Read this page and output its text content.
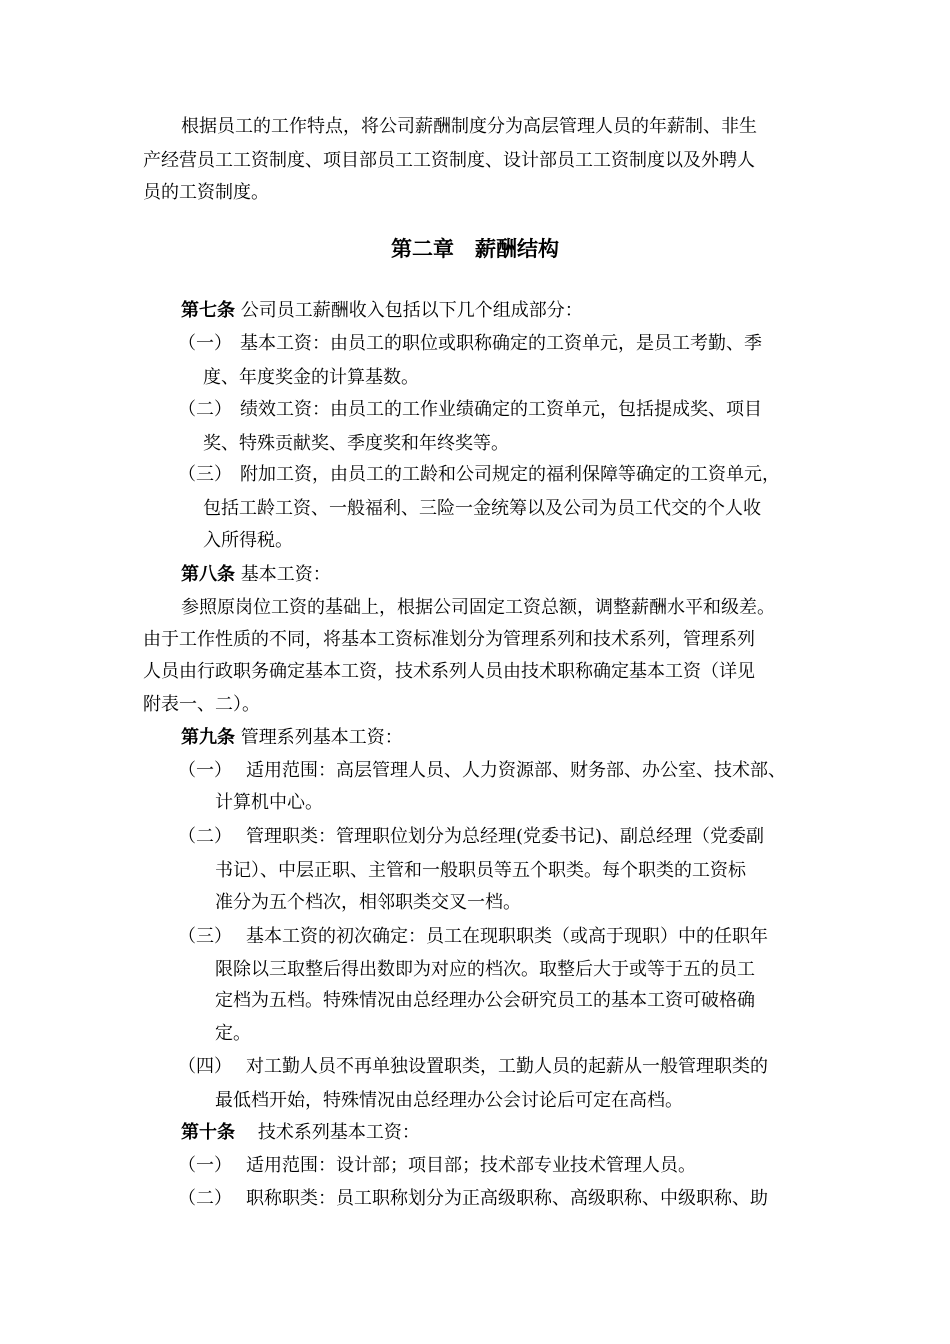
根据员工的工作特点，将公司薪酬制度分为高层管理人员的年薪制、非生
产经营员工工资制度、项目部员工工资制度、设计部员工工资制度以及外聘人
员的工资制度。
第二章　薪酬结构
第七条 公司员工薪酬收入包括以下几个组成部分：
（一） 基本工资：由员工的职位或职称确定的工资单元，是员工考勤、季
度、年度奖金的计算基数。
（二） 绩效工资：由员工的工作业绩确定的工资单元，包括提成奖、项目
奖、特殊贡献奖、季度奖和年终奖等。
（三） 附加工资，由员工的工龄和公司规定的福利保障等确定的工资单元，
包括工龄工资、一般福利、三险一金统筹以及公司为员工代交的个人收
入所得税。
第八条 基本工资：
参照原岗位工资的基础上，根据公司固定工资总额，调整薪酬水平和级差。
由于工作性质的不同，将基本工资标准划分为管理系列和技术系列，管理系列
人员由行政职务确定基本工资，技术系列人员由技术职称确定基本工资（详见
附表一、二）。
第九条 管理系列基本工资：
（一） 适用范围：高层管理人员、人力资源部、财务部、办公室、技术部、
计算机中心。
（二） 管理职类：管理职位划分为总经理(党委书记)、副总经理（党委副
书记）、中层正职、主管和一般职员等五个职类。每个职类的工资标
准分为五个档次，相邻职类交叉一档。
（三） 基本工资的初次确定：员工在现职职类（或高于现职）中的任职年
限除以三取整后得出数即为对应的档次。取整后大于或等于五的员工
定档为五档。特殊情况由总经理办公会研究员工的基本工资可破格确
定。
（四） 对工勤人员不再单独设置职类，工勤人员的起薪从一般管理职类的
最低档开始，特殊情况由总经理办公会讨论后可定在高档。
第十条 技术系列基本工资：
（一） 适用范围：设计部；项目部；技术部专业技术管理人员。
（二） 职称职类：员工职称划分为正高级职称、高级职称、中级职称、助
